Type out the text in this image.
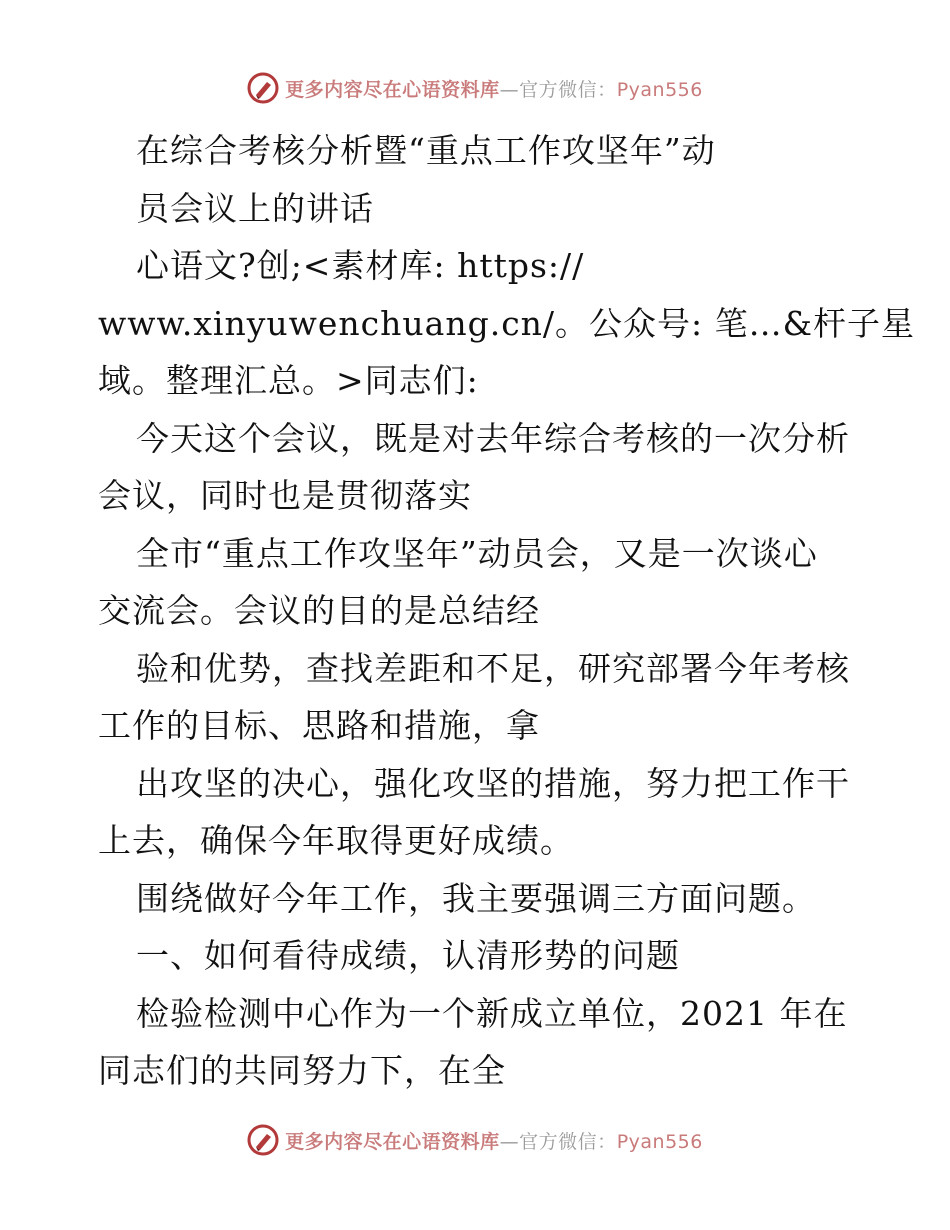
更多内容尽在心语资料库—官方微信：Pyan556
在综合考核分析暨“重点工作攻坚年”动
员会议上的讲话
心语文?创;<素材库: https://
www.xinyuwenchuang.cn/。公众号: 笔…&杆子星
域。整理汇总。>同志们:
今天这个会议，既是对去年综合考核的一次分析
会议，同时也是贯彻落实
全市“重点工作攻坚年”动员会，又是一次谈心
交流会。会议的目的是总结经
验和优势，查找差距和不足，研究部署今年考核
工作的目标、思路和措施，拿
出攻坚的决心，强化攻坚的措施，努力把工作干
上去，确保今年取得更好成绩。
围绕做好今年工作，我主要强调三方面问题。
一、如何看待成绩，认清形势的问题
检验检测中心作为一个新成立单位，2021 年在
同志们的共同努力下，在全
更多内容尽在心语资料库—官方微信：Pyan556
